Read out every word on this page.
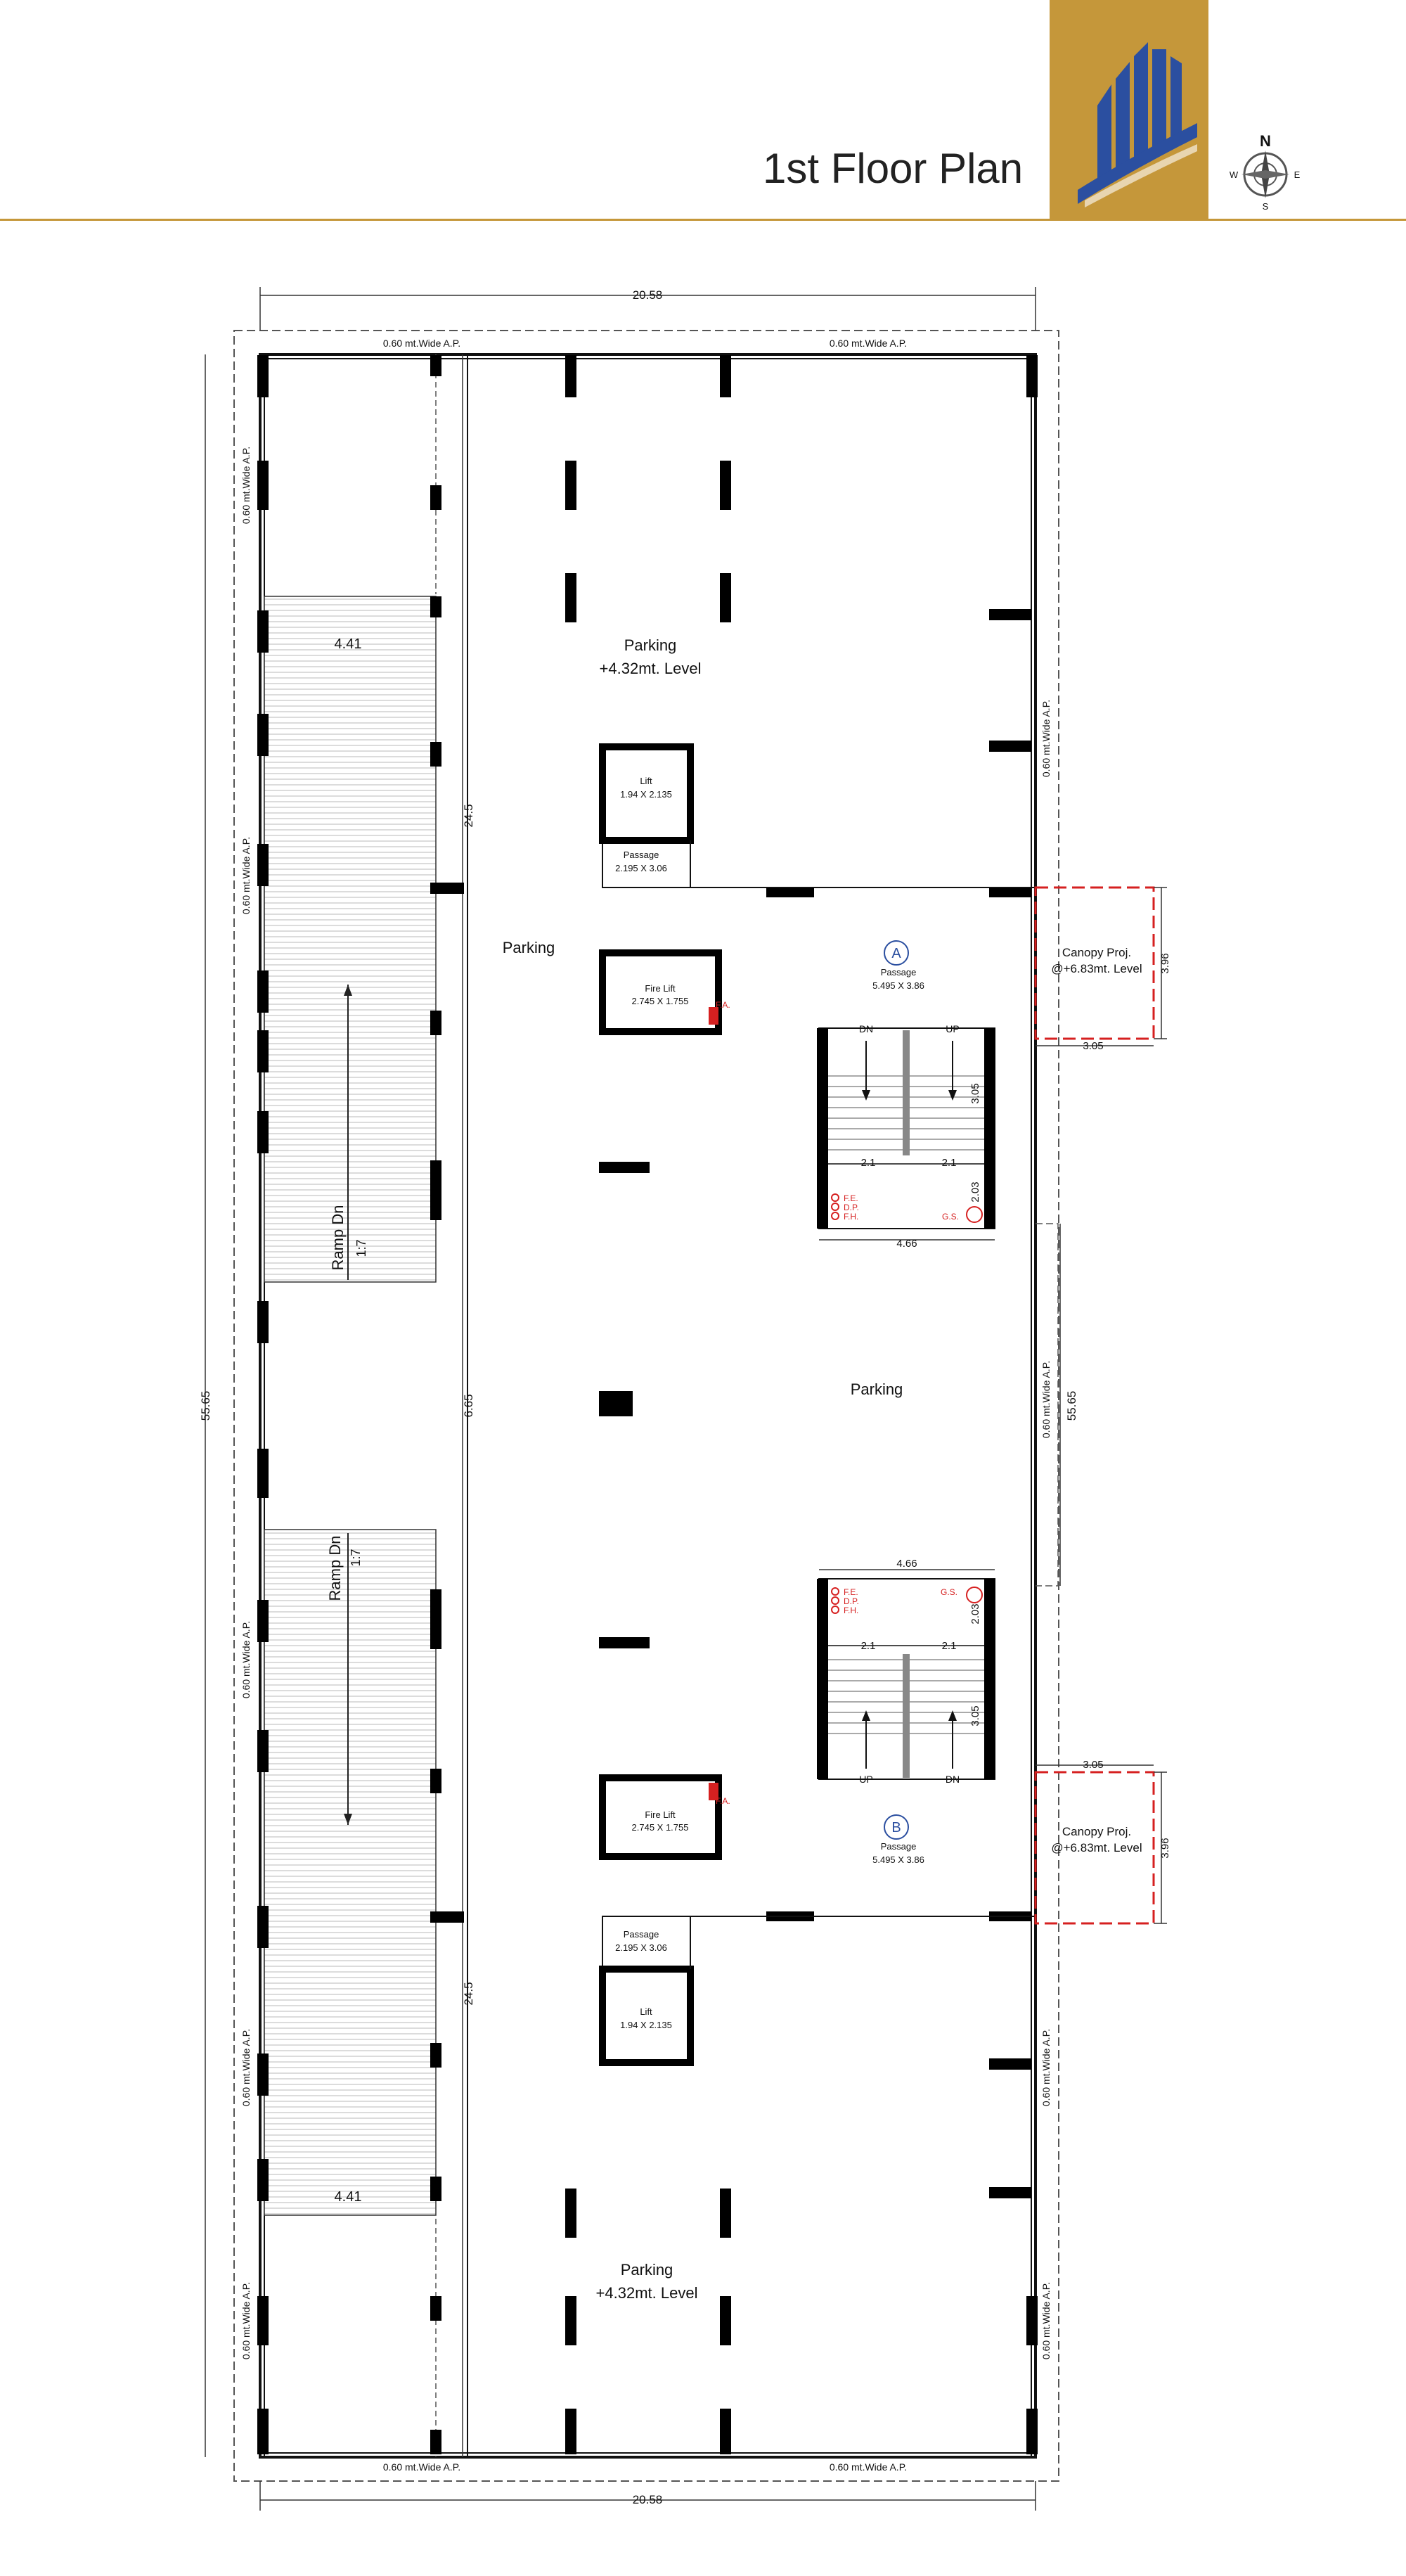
1st Floor Plan
N
S
E
W
20.58
20.58
55.65	55.65
24.5
6.65
24.5
0.60 mt.Wide A.P.	0.60 mt.Wide A.P.
0.60 mt.Wide A.P.	0.60 mt.Wide A.P.
0.60 mt.Wide A.P.
0.60 mt.Wide A.P.
0.60 mt.Wide A.P.
0.60 mt.Wide A.P.
0.60 mt.Wide A.P.
0.60 mt.Wide A.P.
0.60 mt.Wide A.P.
0.60 mt.Wide A.P.
0.60 mt.Wide A.P.
4.41
Ramp Dn 1:7
4.41
Ramp Dn 1:7
Lift
1.94 X 2.135
Passage
2.195 X 3.06
Fire Lift
2.745 X 1.755	F.A.
A
Passage
5.495 X 3.86
DN	UP
2.1	2.1
3.05
2.03
4.66
F.E.
D.P.
F.H.	G.S.
Fire Lift
2.745 X 1.755
F.A.
Passage
2.195 X 3.06
Lift
1.94 X 2.135
B
Passage
5.495 X 3.86
4.66
UP	DN
2.1	2.1
2.03
3.05
F.E.
D.P.
F.H.
G.S.
3.96
3.05
Canopy Proj.
@+6.83mt. Level
3.96
3.05
Canopy Proj.
@+6.83mt. Level
Parking
+4.32mt. Level
Parking
Parking
Parking
+4.32mt. Level
